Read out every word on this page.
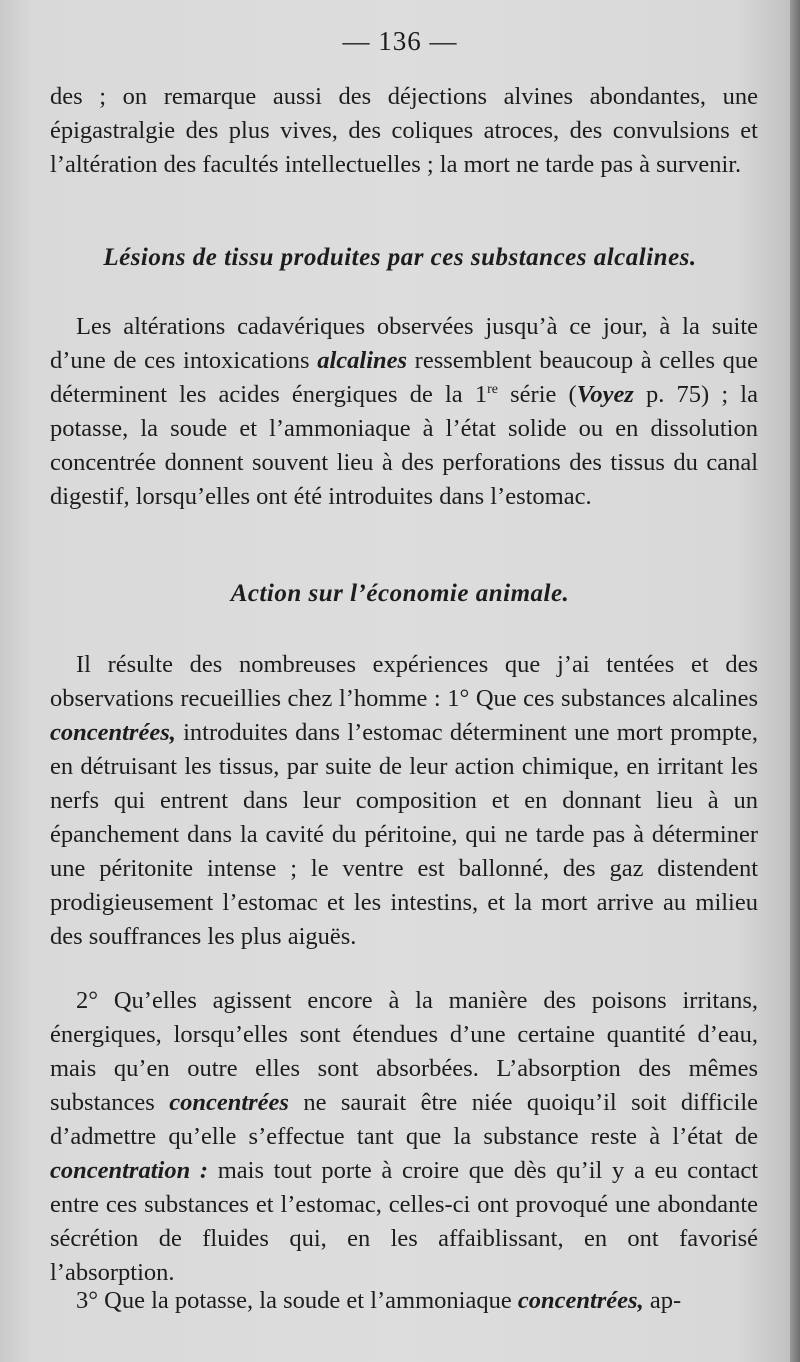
— 136 —

des ; on remarque aussi des déjections alvines abondantes, une épigastralgie des plus vives, des coliques atroces, des convulsions et l’altération des facultés intellectuelles ; la mort ne tarde pas à survenir.

Lésions de tissu produites par ces substances alcalines.

Les altérations cadavériques observées jusqu’à ce jour, à la suite d’une de ces intoxications alcalines ressemblent beaucoup à celles que déterminent les acides énergiques de la 1re série (Voyez p. 75) ; la potasse, la soude et l’ammoniaque à l’état solide ou en dissolution concentrée donnent souvent lieu à des perforations des tissus du canal digestif, lorsqu’elles ont été introduites dans l’estomac.

Action sur l’économie animale.

Il résulte des nombreuses expériences que j’ai tentées et des observations recueillies chez l’homme : 1° Que ces substances alcalines concentrées, introduites dans l’estomac déterminent une mort prompte, en détruisant les tissus, par suite de leur action chimique, en irritant les nerfs qui entrent dans leur composition et en donnant lieu à un épanchement dans la cavité du péritoine, qui ne tarde pas à déterminer une péritonite intense ; le ventre est ballonné, des gaz distendent prodigieusement l’estomac et les intestins, et la mort arrive au milieu des souffrances les plus aiguës.

2° Qu’elles agissent encore à la manière des poisons irritans, énergiques, lorsqu’elles sont étendues d’une certaine quantité d’eau, mais qu’en outre elles sont absorbées. L’absorption des mêmes substances concentrées ne saurait être niée quoiqu’il soit difficile d’admettre qu’elle s’effectue tant que la substance reste à l’état de concentration : mais tout porte à croire que dès qu’il y a eu contact entre ces substances et l’estomac, celles-ci ont provoqué une abondante sécrétion de fluides qui, en les affaiblissant, en ont favorisé l’absorption.

3° Que la potasse, la soude et l’ammoniaque concentrées, ap-
